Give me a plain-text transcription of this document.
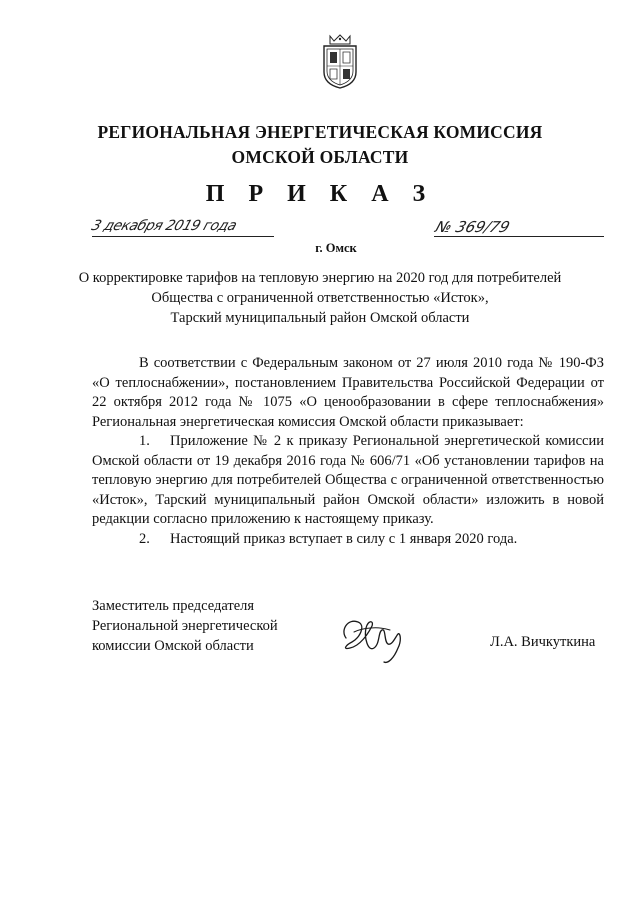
РЕГИОНАЛЬНАЯ ЭНЕРГЕТИЧЕСКАЯ КОМИССИЯ
ОМСКОЙ ОБЛАСТИ
П Р И К А З
3 декабря 2019 года	№ 369/79
г. Омск
О корректировке тарифов на тепловую энергию на 2020 год для потребителей
Общества с ограниченной ответственностью «Исток»,
Тарский муниципальный район Омской области

В соответствии с Федеральным законом от 27 июля 2010 года № 190-ФЗ «О теплоснабжении», постановлением Правительства Российской Федерации от 22 октября 2012 года № 1075 «О ценообразовании в сфере теплоснабжения» Региональная энергетическая комиссия Омской области приказывает:

1. Приложение № 2 к приказу Региональной энергетической комиссии Омской области от 19 декабря 2016 года № 606/71 «Об установлении тарифов на тепловую энергию для потребителей Общества с ограниченной ответственностью «Исток», Тарский муниципальный район Омской области» изложить в новой редакции согласно приложению к настоящему приказу.

2. Настоящий приказ вступает в силу с 1 января 2020 года.

Заместитель председателя
Региональной энергетической
комиссии Омской области	Л.А. Вичкуткина
